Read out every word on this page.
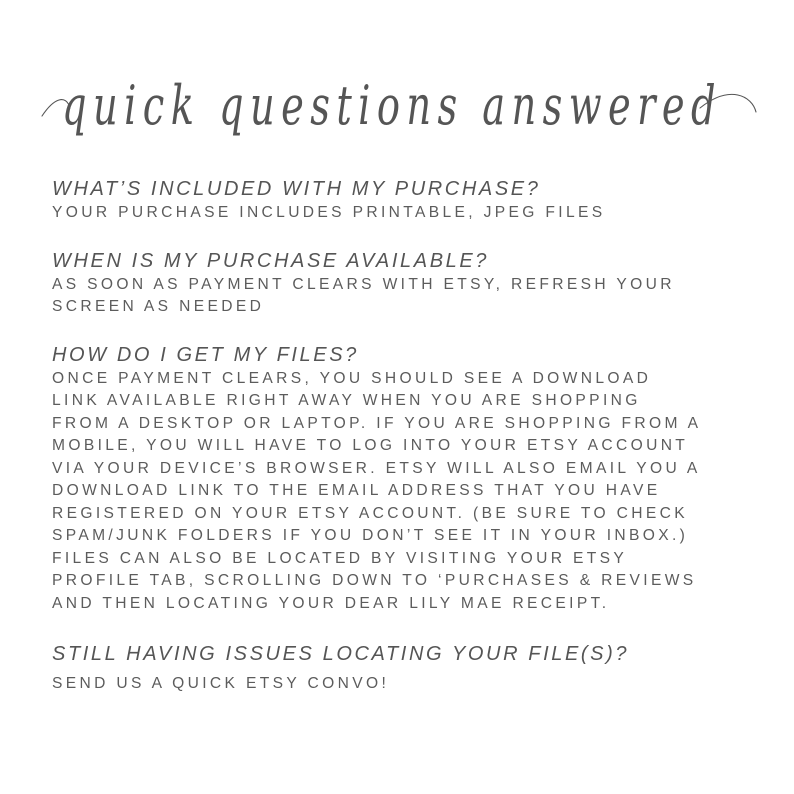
quick questions answered

WHAT’S INCLUDED WITH MY PURCHASE?

YOUR PURCHASE INCLUDES PRINTABLE, JPEG FILES

WHEN IS MY PURCHASE AVAILABLE?

AS SOON AS PAYMENT CLEARS WITH ETSY, REFRESH YOUR
SCREEN AS NEEDED

HOW DO I GET MY FILES?

ONCE PAYMENT CLEARS, YOU SHOULD SEE A DOWNLOAD
LINK AVAILABLE RIGHT AWAY WHEN YOU ARE SHOPPING
FROM A DESKTOP OR LAPTOP. IF YOU ARE SHOPPING FROM A
MOBILE, YOU WILL HAVE TO LOG INTO YOUR ETSY ACCOUNT
VIA YOUR DEVICE’S BROWSER. ETSY WILL ALSO EMAIL YOU A
DOWNLOAD LINK TO THE EMAIL ADDRESS THAT YOU HAVE
REGISTERED ON YOUR ETSY ACCOUNT. (BE SURE TO CHECK
SPAM/JUNK FOLDERS IF YOU DON’T SEE IT IN YOUR INBOX.)
FILES CAN ALSO BE LOCATED BY VISITING YOUR ETSY
PROFILE TAB, SCROLLING DOWN TO ‘PURCHASES & REVIEWS
AND THEN LOCATING YOUR DEAR LILY MAE RECEIPT.

STILL HAVING ISSUES LOCATING YOUR FILE(S)?

SEND US A QUICK ETSY CONVO!
